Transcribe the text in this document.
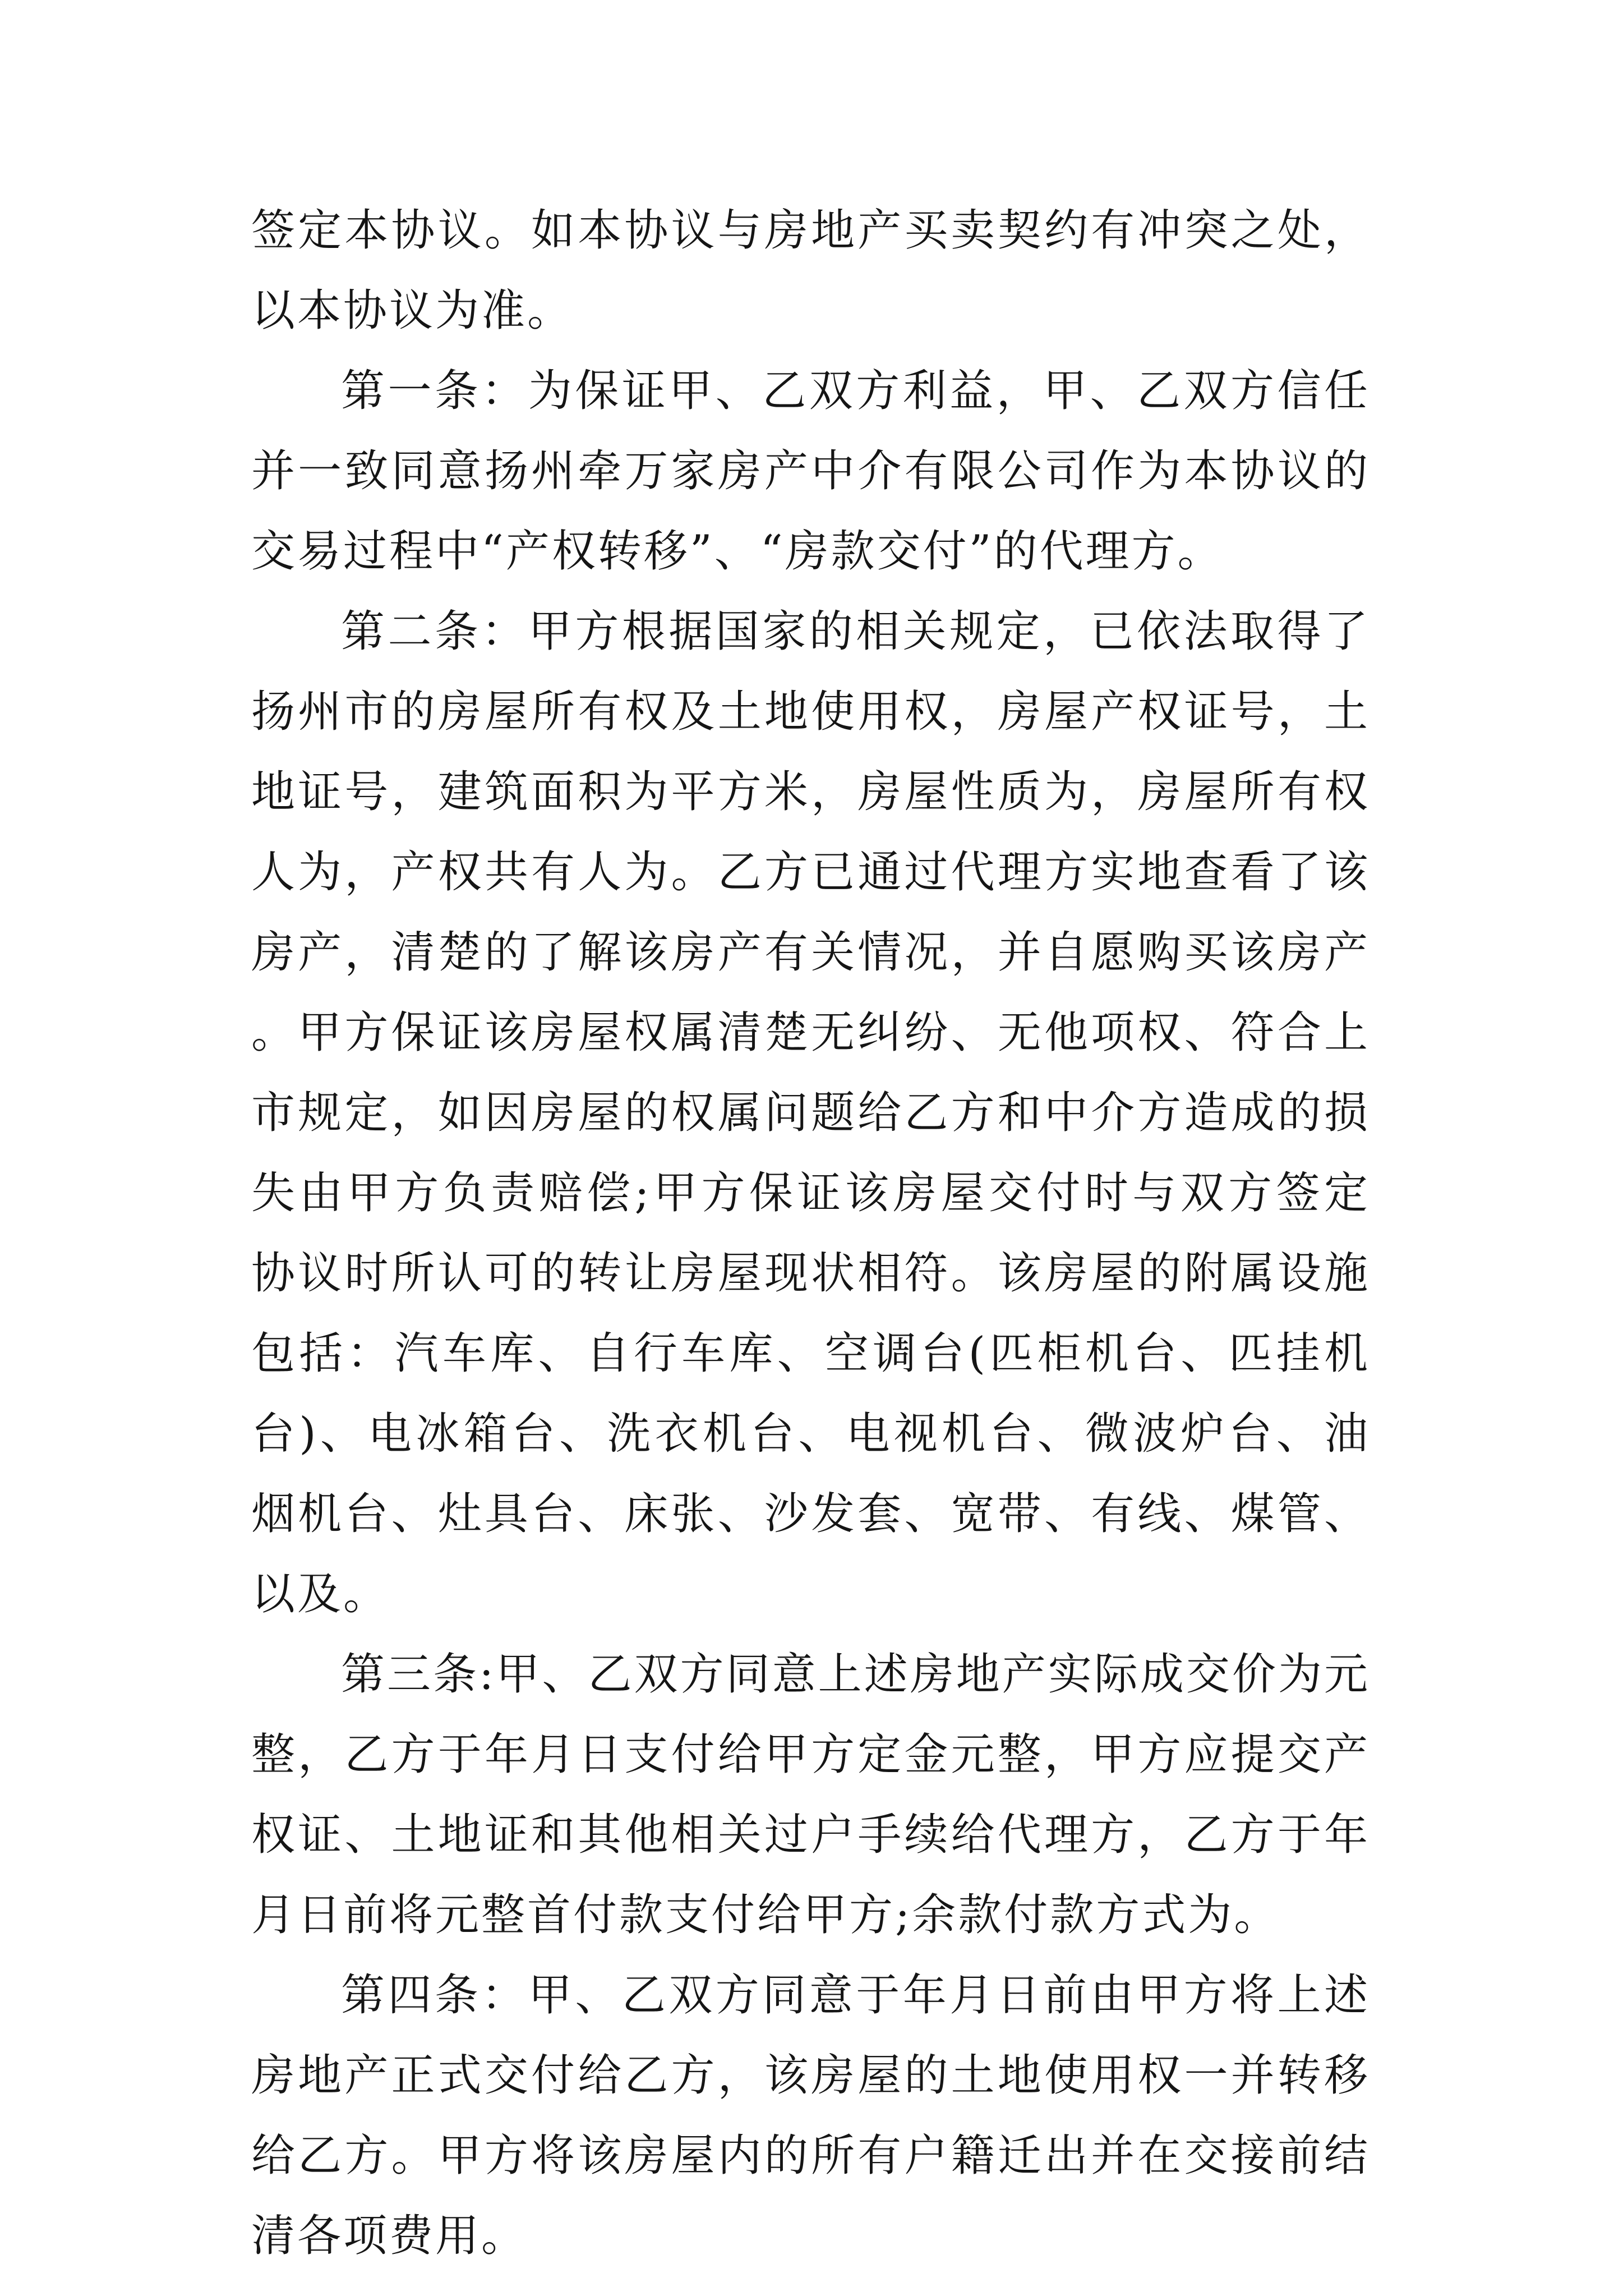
签定本协议。如本协议与房地产买卖契约有冲突之处，以本协议为准。

第一条：为保证甲、乙双方利益，甲、乙双方信任并一致同意扬州牵万家房产中介有限公司作为本协议的交易过程中“产权转移”、“房款交付”的代理方。

第二条：甲方根据国家的相关规定，已依法取得了扬州市的房屋所有权及土地使用权，房屋产权证号，土地证号，建筑面积为平方米，房屋性质为，房屋所有权人为，产权共有人为。乙方已通过代理方实地查看了该房产，清楚的了解该房产有关情况，并自愿购买该房产。甲方保证该房屋权属清楚无纠纷、无他项权、符合上市规定，如因房屋的权属问题给乙方和中介方造成的损失由甲方负责赔偿;甲方保证该房屋交付时与双方签定协议时所认可的转让房屋现状相符。该房屋的附属设施包括：汽车库、自行车库、空调台(匹柜机台、匹挂机台)、电冰箱台、洗衣机台、电视机台、微波炉台、油烟机台、灶具台、床张、沙发套、宽带、有线、煤管、以及。

第三条:甲、乙双方同意上述房地产实际成交价为元整，乙方于年月日支付给甲方定金元整，甲方应提交产权证、土地证和其他相关过户手续给代理方，乙方于年月日前将元整首付款支付给甲方;余款付款方式为。

第四条：甲、乙双方同意于年月日前由甲方将上述房地产正式交付给乙方，该房屋的土地使用权一并转移给乙方。甲方将该房屋内的所有户籍迁出并在交接前结清各项费用。
